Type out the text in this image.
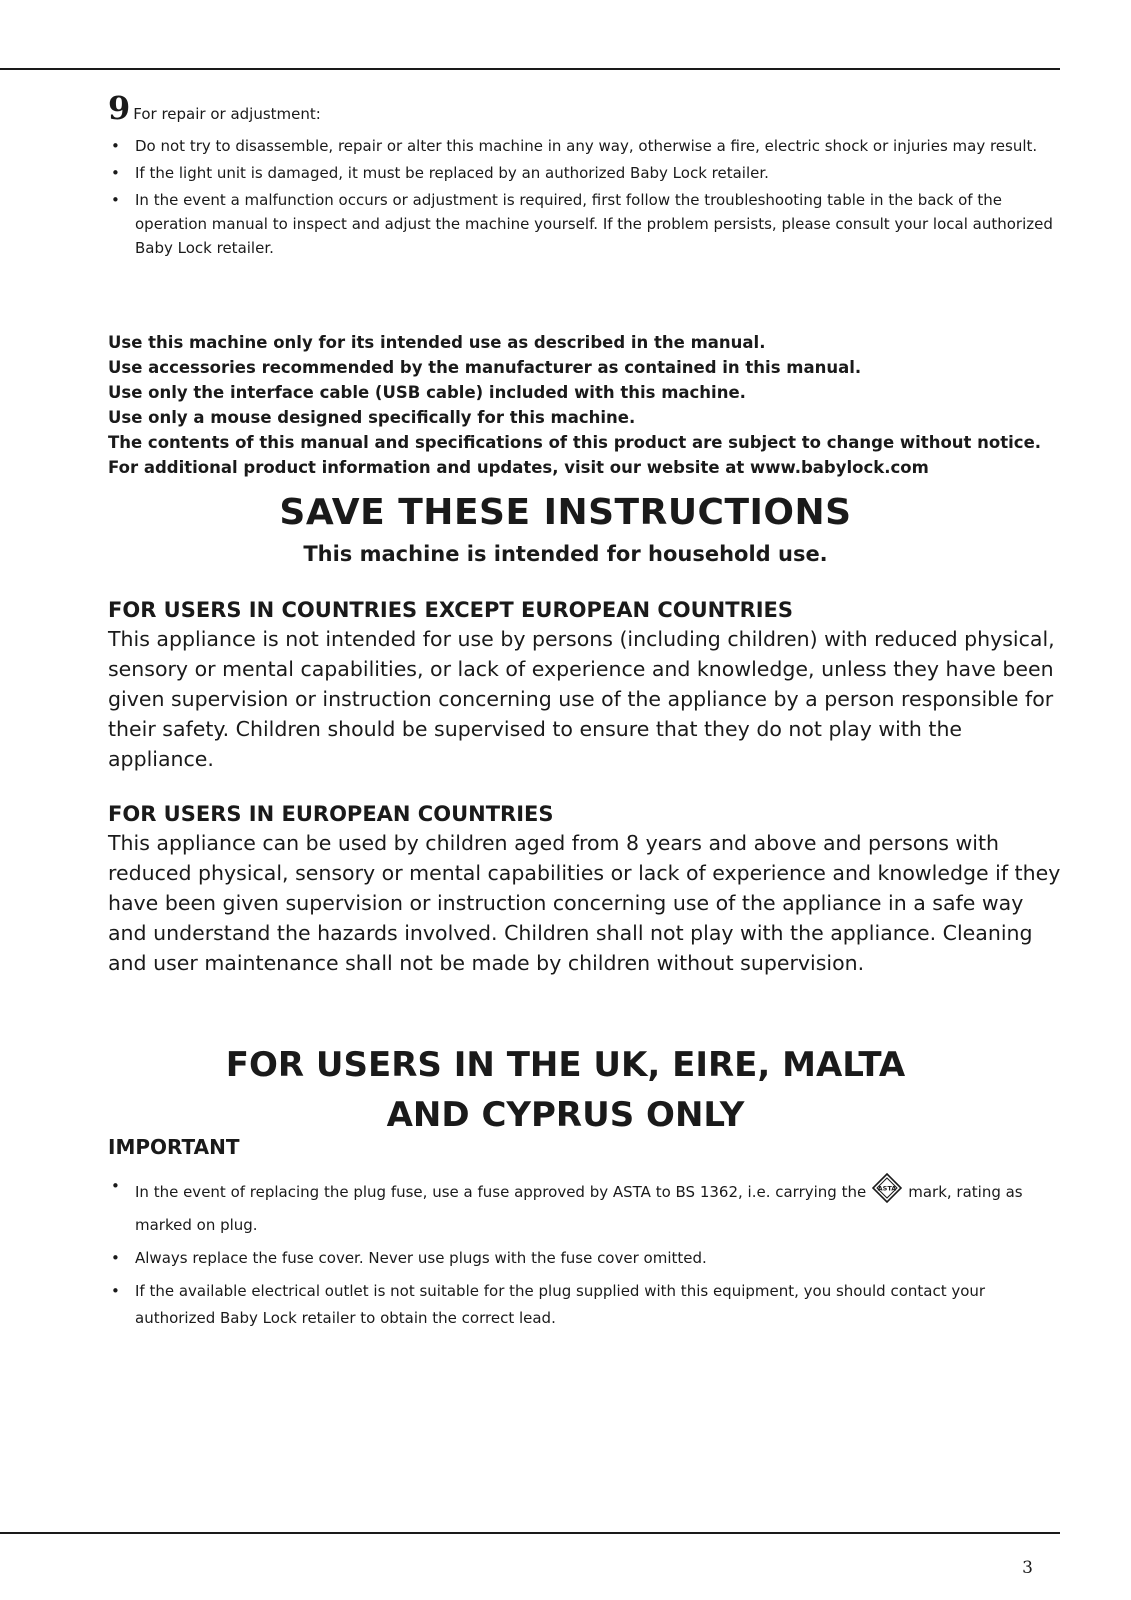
9 For repair or adjustment:

• Do not try to disassemble, repair or alter this machine in any way, otherwise a fire, electric shock or injuries may result.
• If the light unit is damaged, it must be replaced by an authorized Baby Lock retailer.
• In the event a malfunction occurs or adjustment is required, first follow the troubleshooting table in the back of the operation manual to inspect and adjust the machine yourself. If the problem persists, please consult your local authorized Baby Lock retailer.

Use this machine only for its intended use as described in the manual.

Use accessories recommended by the manufacturer as contained in this manual.

Use only the interface cable (USB cable) included with this machine.

Use only a mouse designed specifically for this machine.

The contents of this manual and specifications of this product are subject to change without notice.

For additional product information and updates, visit our website at www.babylock.com

SAVE THESE INSTRUCTIONS
This machine is intended for household use.
FOR USERS IN COUNTRIES EXCEPT EUROPEAN COUNTRIES

This appliance is not intended for use by persons (including children) with reduced physical, sensory or mental capabilities, or lack of experience and knowledge, unless they have been given supervision or instruction concerning use of the appliance by a person responsible for their safety. Children should be supervised to ensure that they do not play with the appliance.

FOR USERS IN EUROPEAN COUNTRIES

This appliance can be used by children aged from 8 years and above and persons with reduced physical, sensory or mental capabilities or lack of experience and knowledge if they have been given supervision or instruction concerning use of the appliance in a safe way and understand the hazards involved. Children shall not play with the appliance. Cleaning and user maintenance shall not be made by children without supervision.

FOR USERS IN THE UK, EIRE, MALTA
AND CYPRUS ONLY
IMPORTANT
• In the event of replacing the plug fuse, use a fuse approved by ASTA to BS 1362, i.e. carrying the ASTA mark, rating as marked on plug.
• Always replace the fuse cover. Never use plugs with the fuse cover omitted.
• If the available electrical outlet is not suitable for the plug supplied with this equipment, you should contact your authorized Baby Lock retailer to obtain the correct lead.
3
